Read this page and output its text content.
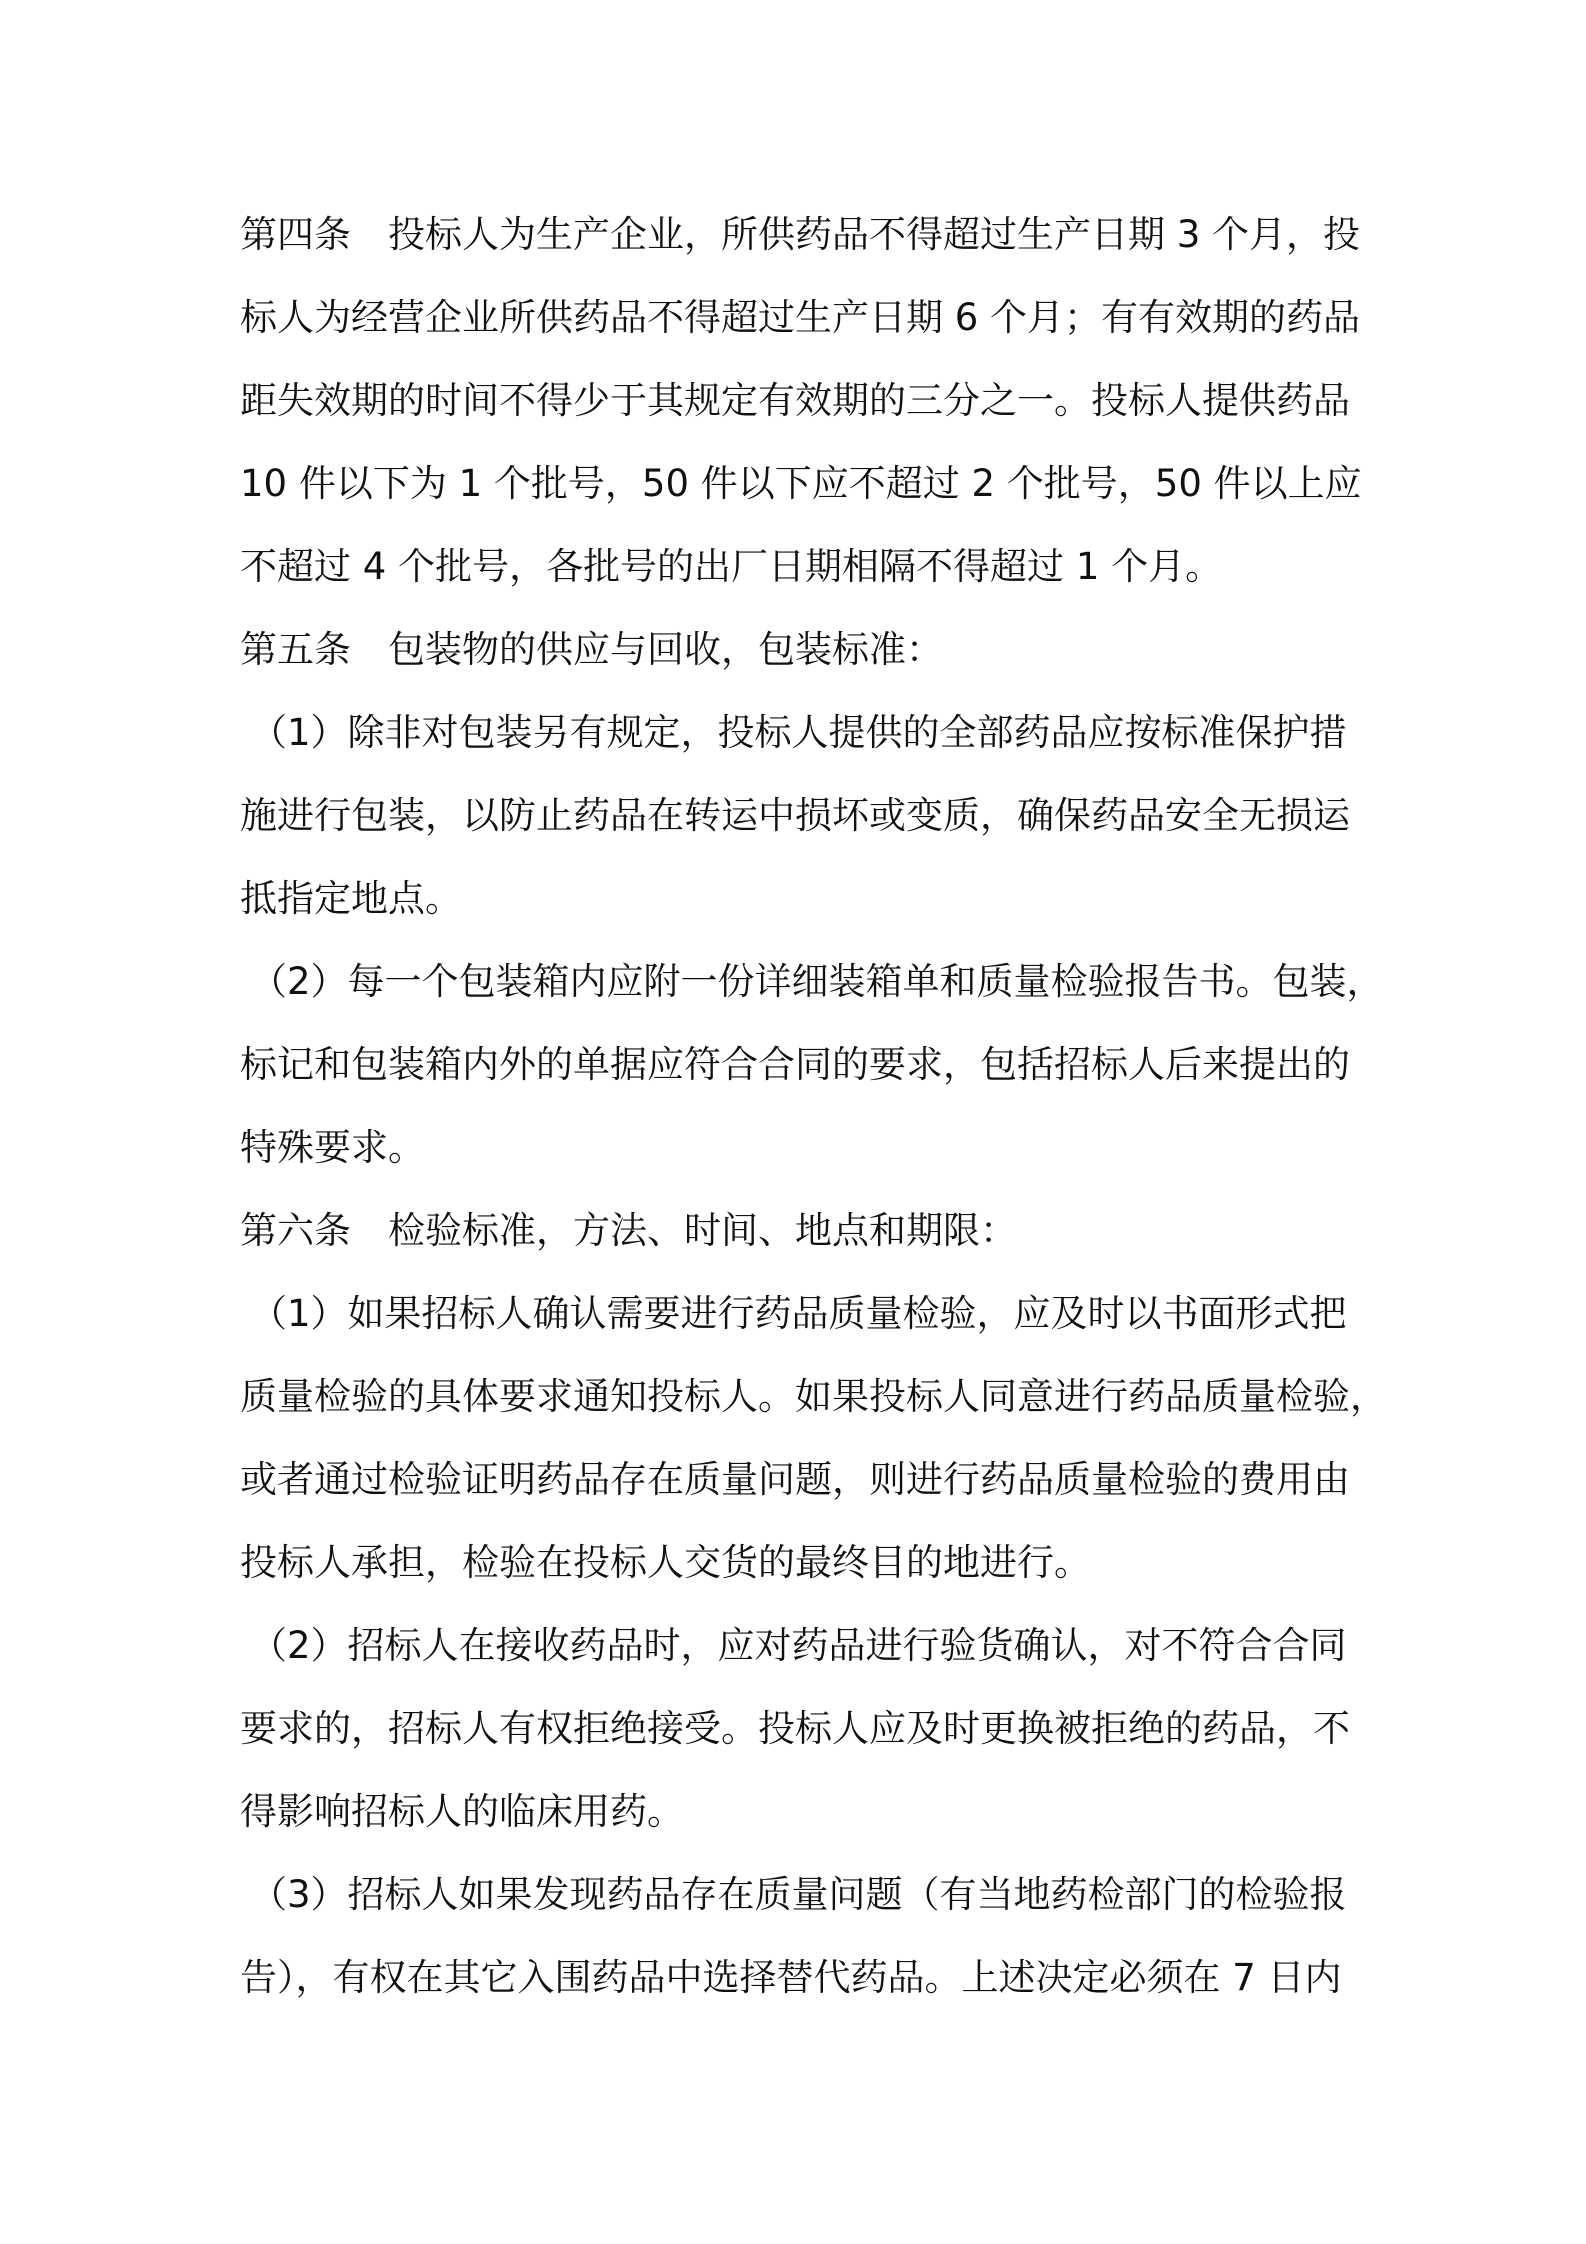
第四条　投标人为生产企业，所供药品不得超过生产日期 3 个月，投
标人为经营企业所供药品不得超过生产日期 6 个月；有有效期的药品
距失效期的时间不得少于其规定有效期的三分之一。投标人提供药品
10 件以下为 1 个批号，50 件以下应不超过 2 个批号，50 件以上应
不超过 4 个批号，各批号的出厂日期相隔不得超过 1 个月。
第五条　包装物的供应与回收，包装标准：
（1）除非对包装另有规定，投标人提供的全部药品应按标准保护措
施进行包装，以防止药品在转运中损坏或变质，确保药品安全无损运
抵指定地点。
（2）每一个包装箱内应附一份详细装箱单和质量检验报告书。包装，
标记和包装箱内外的单据应符合合同的要求，包括招标人后来提出的
特殊要求。
第六条　检验标准，方法、时间、地点和期限：
（1）如果招标人确认需要进行药品质量检验，应及时以书面形式把
质量检验的具体要求通知投标人。如果投标人同意进行药品质量检验，
或者通过检验证明药品存在质量问题，则进行药品质量检验的费用由
投标人承担，检验在投标人交货的最终目的地进行。
（2）招标人在接收药品时，应对药品进行验货确认，对不符合合同
要求的，招标人有权拒绝接受。投标人应及时更换被拒绝的药品，不
得影响招标人的临床用药。
（3）招标人如果发现药品存在质量问题（有当地药检部门的检验报
告），有权在其它入围药品中选择替代药品。上述决定必须在 7 日内
